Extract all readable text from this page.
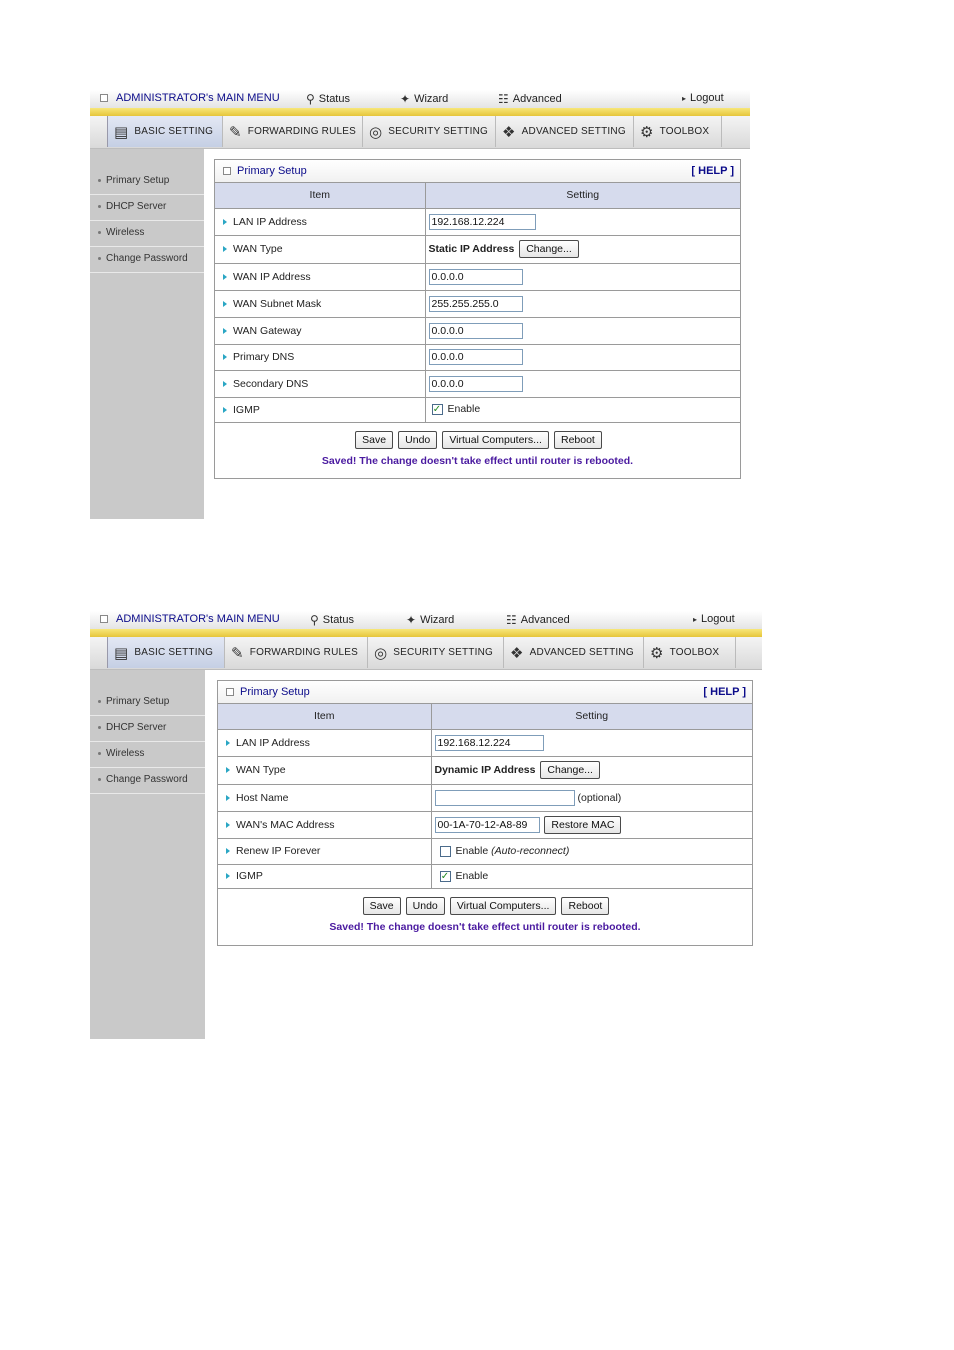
ADMINISTRATOR's MAIN MENU ⚲ Status	✦ Wizard	☷ Advanced	▸ Logout
▤ BASIC SETTING ✎ FORWARDING RULES ◎ SECURITY SETTING ❖ ADVANCED SETTING ⚙ TOOLBOX
Primary Setup
DHCP Server
Wireless
Change Password
Primary Setup	[ HELP ]
Item	Setting
LAN IP Address	192.168.12.224
WAN Type	Static IP Address Change...
WAN IP Address	0.0.0.0
WAN Subnet Mask	255.255.255.0
WAN Gateway	0.0.0.0
Primary DNS	0.0.0.0
Secondary DNS	0.0.0.0
IGMP	✓ Enable
Save Undo Virtual Computers... Reboot
Saved! The change doesn't take effect until router is rebooted.
ADMINISTRATOR's MAIN MENU	⚲ Status	✦ Wizard	☷ Advanced	▸ Logout
▤ BASIC SETTING ✎ FORWARDING RULES ◎ SECURITY SETTING ❖ ADVANCED SETTING ⚙ TOOLBOX
Primary Setup
DHCP Server
Wireless
Change Password
Primary Setup	[ HELP ]
Item	Setting
LAN IP Address	192.168.12.224
WAN Type	Dynamic IP Address Change...
Host Name	(optional)
WAN's MAC Address	00-1A-70-12-A8-89 Restore MAC
Renew IP Forever	Enable (Auto-reconnect)
IGMP	✓ Enable
Save Undo Virtual Computers... Reboot
Saved! The change doesn't take effect until router is rebooted.
